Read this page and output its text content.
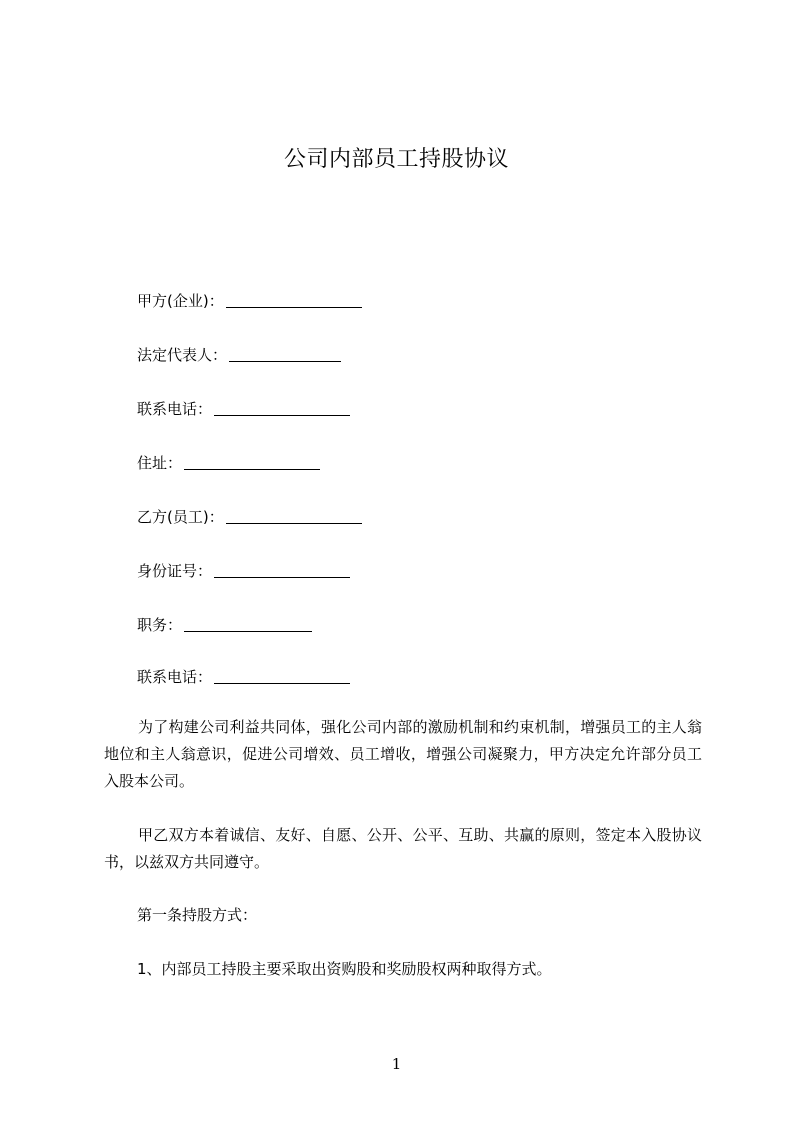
公司内部员工持股协议
甲方(企业)：
法定代表人：
联系电话：
住址：
乙方(员工)：
身份证号：
职务：
联系电话：
为了构建公司利益共同体，强化公司内部的激励机制和约束机制，增强员工的主人翁地位和主人翁意识，促进公司增效、员工增收，增强公司凝聚力，甲方决定允许部分员工入股本公司。
甲乙双方本着诚信、友好、自愿、公开、公平、互助、共赢的原则，签定本入股协议书，以兹双方共同遵守。
第一条持股方式：
1、内部员工持股主要采取出资购股和奖励股权两种取得方式。
1
